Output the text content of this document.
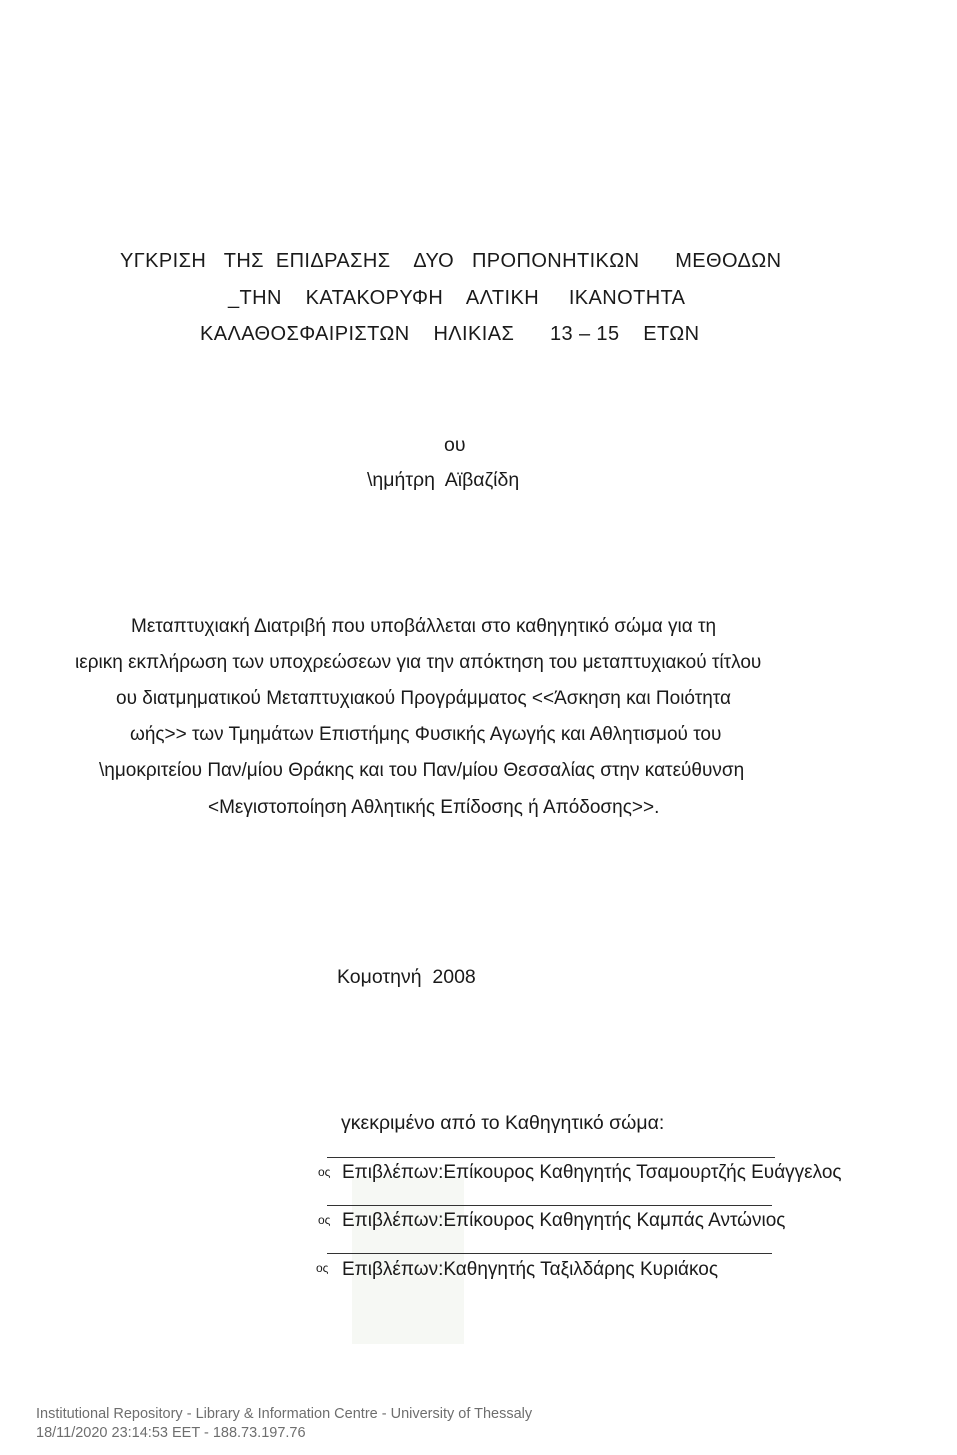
ΥΓΚΡΙΣΗ   ΤΗΣ  ΕΠΙΔΡΑΣΗΣ    ΔΥΟ   ΠΡΟΠΟΝΗΤΙΚΩΝ      ΜΕΘΟΔΩΝ
_ΤΗΝ    ΚΑΤΑΚΟΡΥΦΗ    ΑΛΤΙΚΗ     ΙΚΑΝΟΤΗΤΑ
ΚΑΛΑΘΟΣΦΑΙΡΙΣΤΩΝ    ΗΛΙΚΙΑΣ      13 – 15    ΕΤΩΝ
ου
\ημήτρη  Αϊβαζίδη
Μεταπτυχιακή Διατριβή που υποβάλλεται στο καθηγητικό σώμα για τη
ιερικη εκπλήρωση των υποχρεώσεων για την απόκτηση του μεταπτυχιακού τίτλου
ου διατμηματικού Μεταπτυχιακού Προγράμματος <<Άσκηση και Ποιότητα
ωής>> των Τμημάτων Επιστήμης Φυσικής Αγωγής και Αθλητισμού του
\ημοκριτείου Παν/μίου Θράκης και του Παν/μίου Θεσσαλίας στην κατεύθυνση
<Μεγιστοποίηση Αθλητικής Επίδοσης ή Απόδοσης>>.
Κομοτηνή  2008
γκεκριμένο από το Καθηγητικό σώμα:
ος Επιβλέπων:Επίκουρος Καθηγητής Τσαμουρτζής Ευάγγελος
ος Επιβλέπων:Επίκουρος Καθηγητής Καμπάς Αντώνιος
ος Επιβλέπων:Καθηγητής Ταξιλδάρης Κυριάκος
Institutional Repository - Library & Information Centre - University of Thessaly
18/11/2020 23:14:53 EET - 188.73.197.76
